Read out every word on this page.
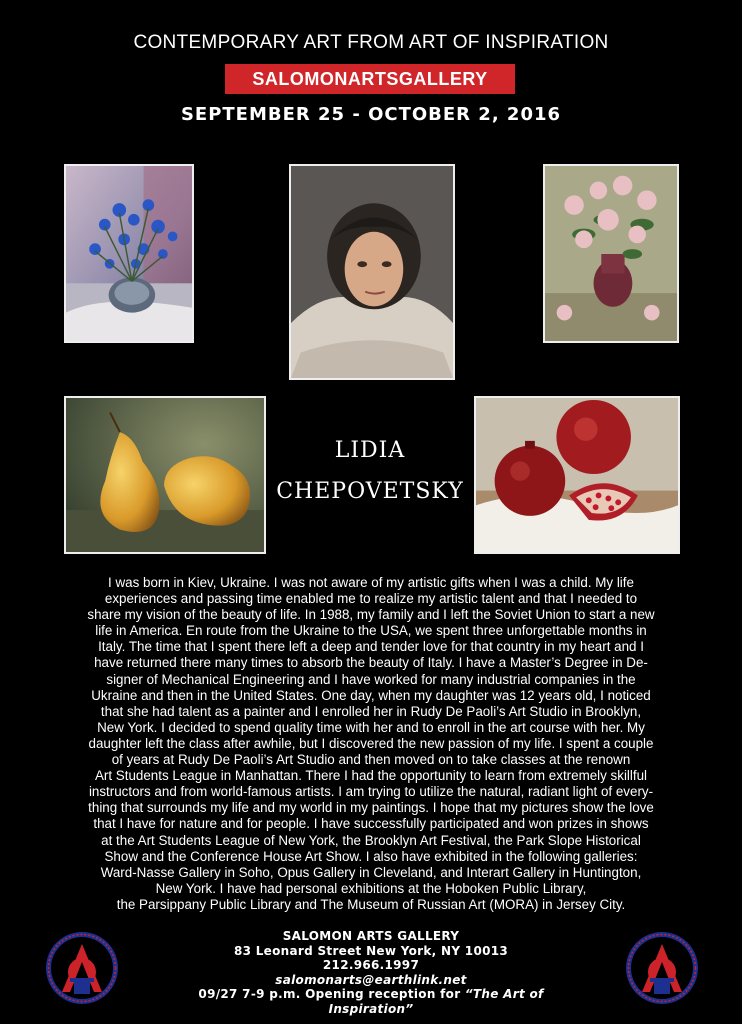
CONTEMPORARY ART FROM ART OF INSPIRATION
SALOMONARTSGALLERY
SEPTEMBER 25 - OCTOBER 2, 2016
LIDIA
CHEPOVETSKY
I was born in Kiev, Ukraine. I was not aware of my artistic gifts when I was a child. My life
experiences and passing time enabled me to realize my artistic talent and that I needed to
share my vision of the beauty of life. In 1988, my family and I left the Soviet Union to start a new
life in America. En route from the Ukraine to the USA, we spent three unforgettable months in
Italy. The time that I spent there left a deep and tender love for that country in my heart and I
have returned there many times to absorb the beauty of Italy. I have a Master’s Degree in De-
signer of Mechanical Engineering and I have worked for many industrial companies in the
Ukraine and then in the United States. One day, when my daughter was 12 years old, I noticed
that she had talent as a painter and I enrolled her in Rudy De Paoli’s Art Studio in Brooklyn,
New York. I decided to spend quality time with her and to enroll in the art course with her. My
daughter left the class after awhile, but I discovered the new passion of my life. I spent a couple
of years at Rudy De Paoli’s Art Studio and then moved on to take classes at the renown
Art Students League in Manhattan. There I had the opportunity to learn from extremely skillful
instructors and from world-famous artists. I am trying to utilize the natural, radiant light of every-
thing that surrounds my life and my world in my paintings. I hope that my pictures show the love
that I have for nature and for people. I have successfully participated and won prizes in shows
at the Art Students League of New York, the Brooklyn Art Festival, the Park Slope Historical
Show and the Conference House Art Show. I also have exhibited in the following galleries:
Ward-Nasse Gallery in Soho, Opus Gallery in Cleveland, and Interart Gallery in Huntington,
New York. I have had personal exhibitions at the Hoboken Public Library,
the Parsippany Public Library and The Museum of Russian Art (MORA) in Jersey City.
SALOMON ARTS GALLERY
83 Leonard Street New York, NY 10013
212.966.1997
salomonarts@earthlink.net
09/27 7-9 p.m. Opening reception for “The Art of Inspiration”
